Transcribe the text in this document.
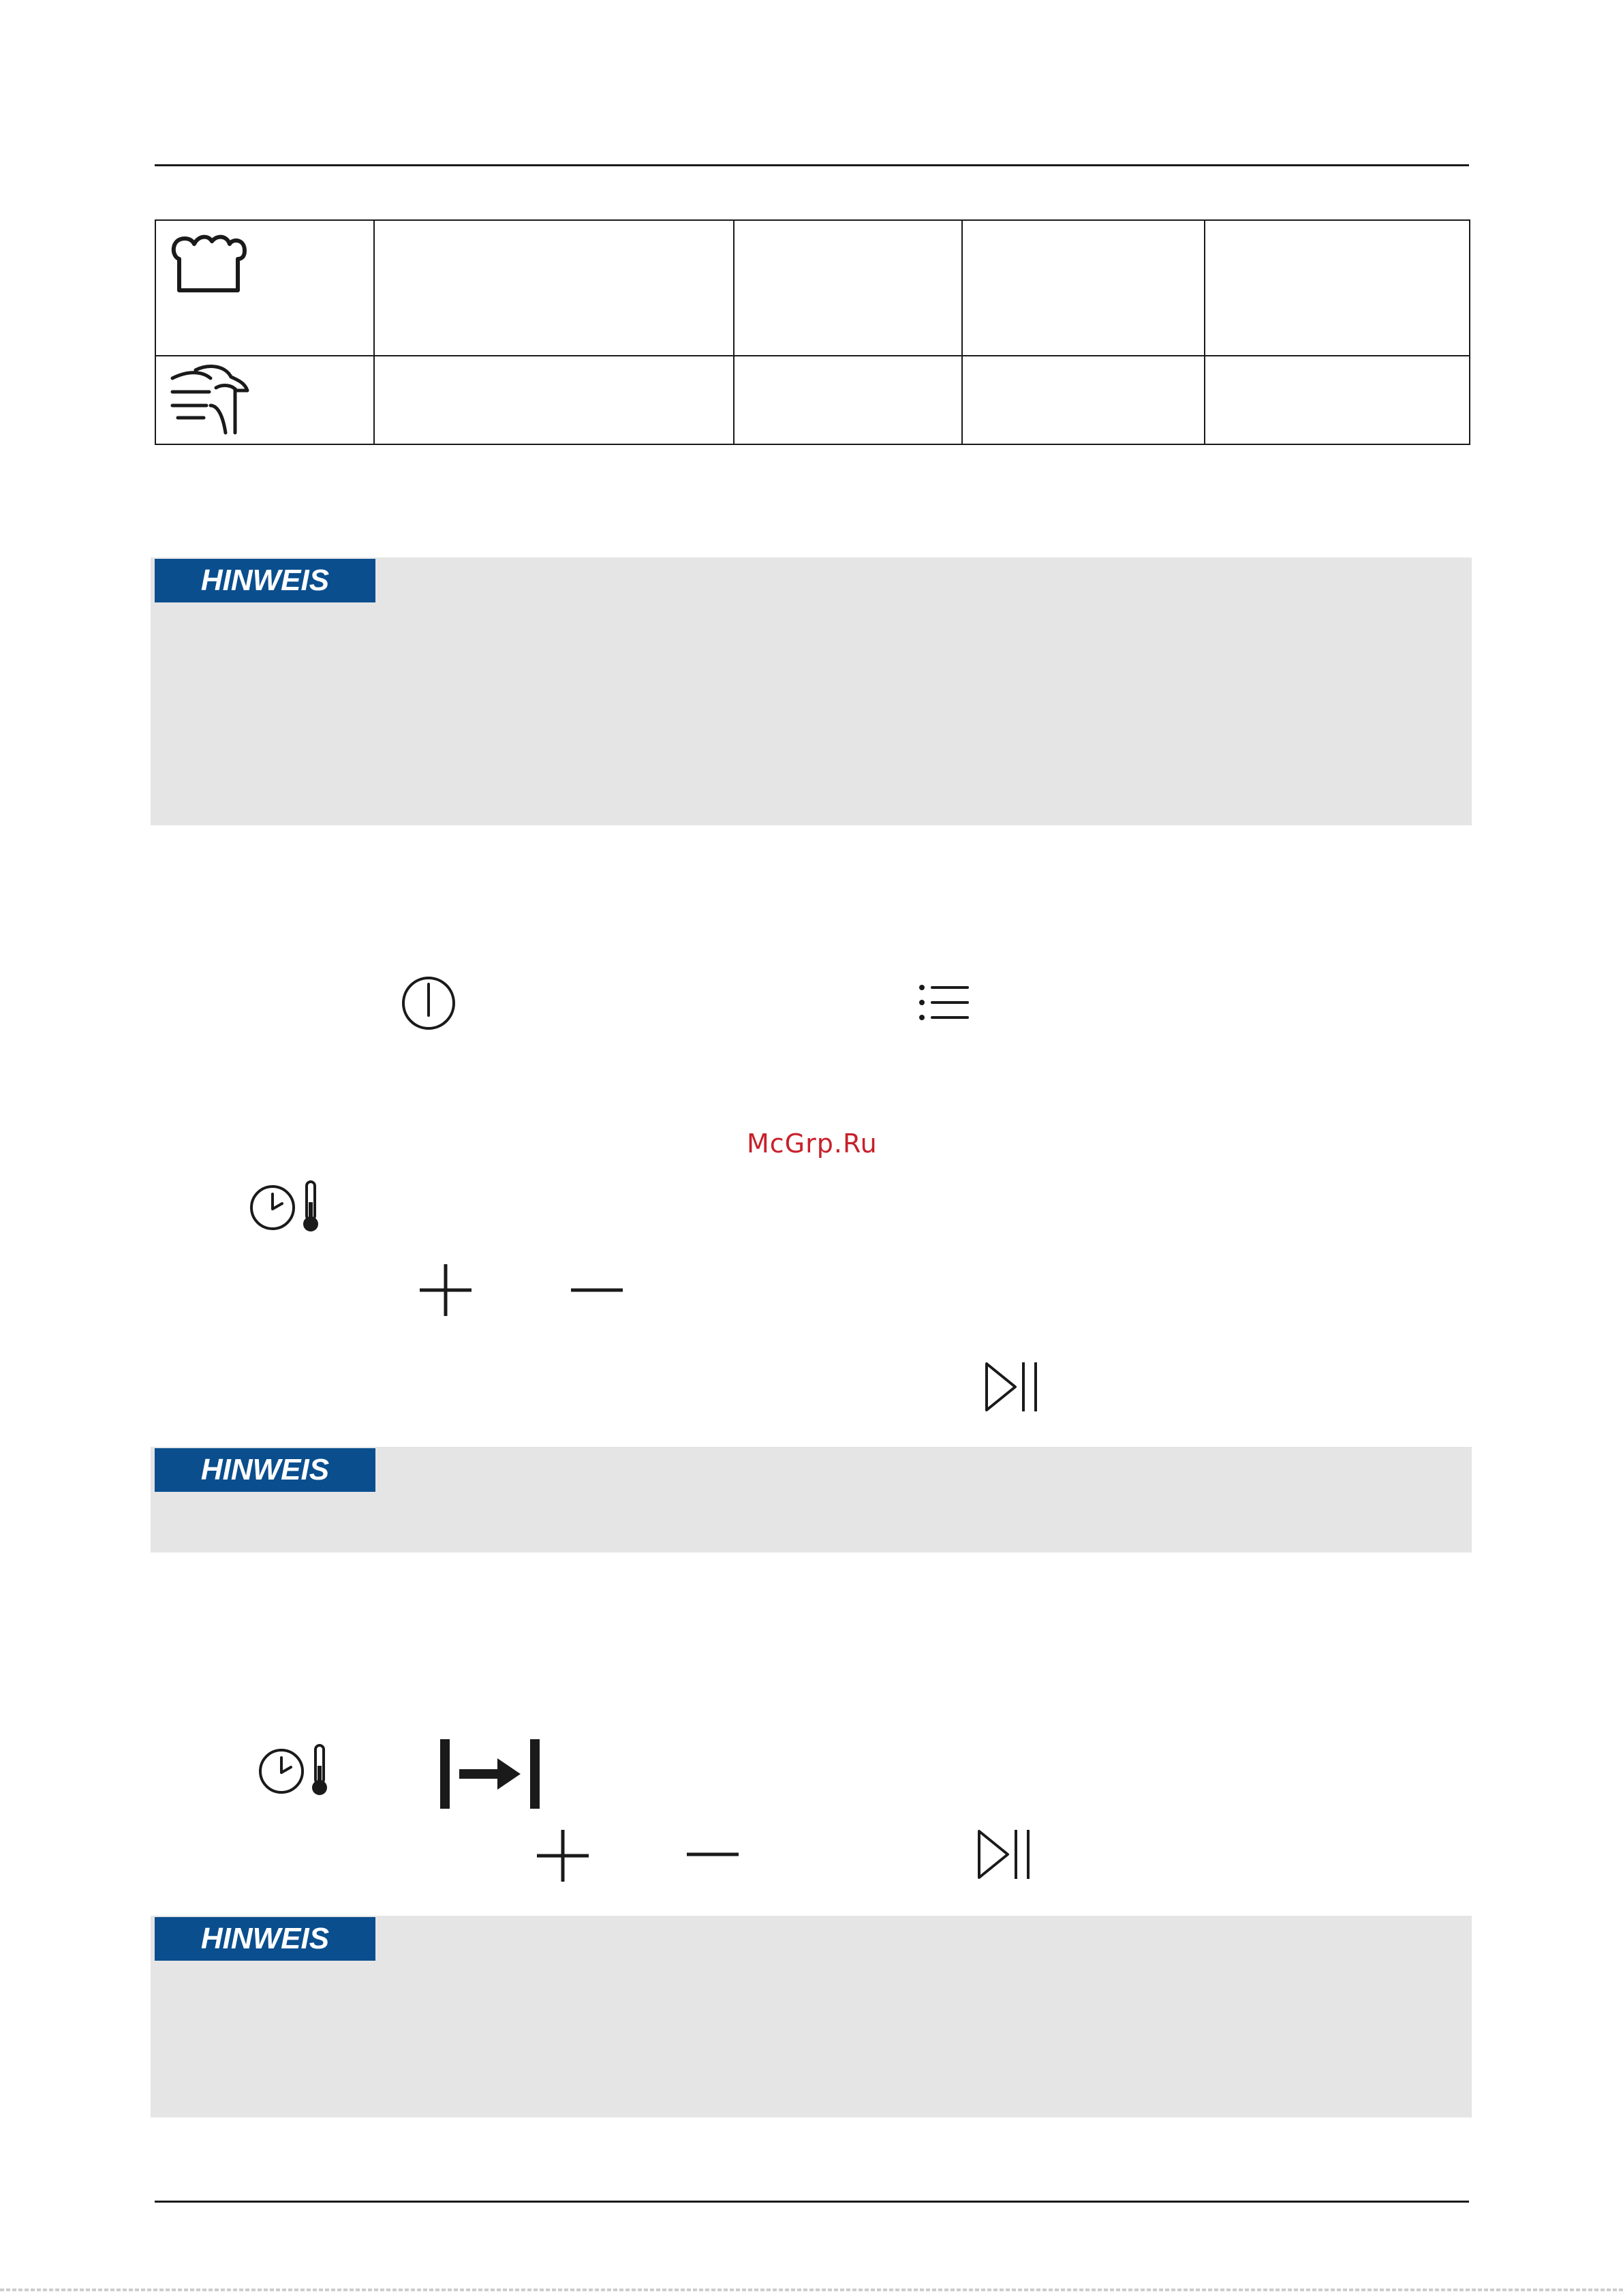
HINWEIS
McGrp.Ru
HINWEIS
HINWEIS
